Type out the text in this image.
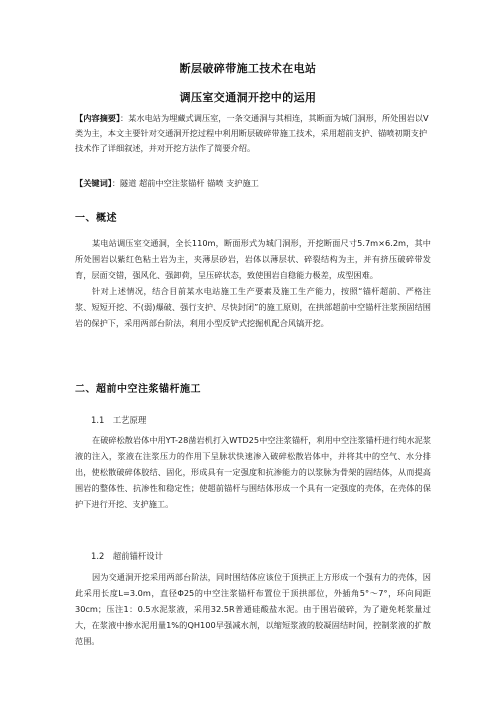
断层破碎带施工技术在电站
调压室交通洞开挖中的运用
【内容摘要】：某水电站为埋藏式调压室，一条交通洞与其相连，其断面为城门洞形，所处围岩以Ⅴ类为主，本文主要针对交通洞开挖过程中利用断层破碎带施工技术，采用超前支护、锚喷初期支护技术作了详细叙述，并对开挖方法作了简要介绍。
【关键词】：隧道 超前中空注浆锚杆 锚喷 支护施工
一、概述
某电站调压室交通洞，全长110m，断面形式为城门洞形，开挖断面尺寸5.7m×6.2m，其中所处围岩以紫红色粘土岩为主，夹薄层砂岩，岩体以薄层状、碎裂结构为主，并有挤压破碎带发育，层面交错，强风化、强卸荷，呈压碎状态，致使围岩自稳能力极差，成型困难。
针对上述情况，结合目前某水电站施工生产要素及施工生产能力，按照“锚杆超前、严格注浆、短短开挖、不(弱)爆破、强行支护、尽快封闭”的施工原则，在拱部超前中空锚杆注浆预固结围岩的保护下，采用两部台阶法，利用小型反铲式挖掘机配合风镐开挖。
二、超前中空注浆锚杆施工
1.1　工艺原理
在破碎松散岩体中用YT-28凿岩机打入WTD25中空注浆锚杆，利用中空注浆锚杆进行纯水泥浆液的注入，浆液在注浆压力的作用下呈脉状快速渗入破碎松散岩体中，并将其中的空气、水分排出，使松散破碎体胶结、固化，形成具有一定强度和抗渗能力的以浆脉为骨架的固结体，从而提高围岩的整体性、抗渗性和稳定性；使超前锚杆与围结体形成一个具有一定强度的壳体，在壳体的保护下进行开挖、支护施工。
1.2　超前锚杆设计
因为交通洞开挖采用两部台阶法，同时围结体应该位于顶拱正上方形成一个强有力的壳体，因此采用长度L=3.0m，直径Φ25的中空注浆锚杆布置位于顶拱部位，外插角5°～7°，环向间距30cm；压注1：0.5水泥浆液，采用32.5R普通硅酸盐水泥。由于围岩破碎，为了避免耗浆量过大，在浆液中掺水泥用量1%的QH100早强减水剂，以缩短浆液的胶凝固结时间，控制浆液的扩散范围。
